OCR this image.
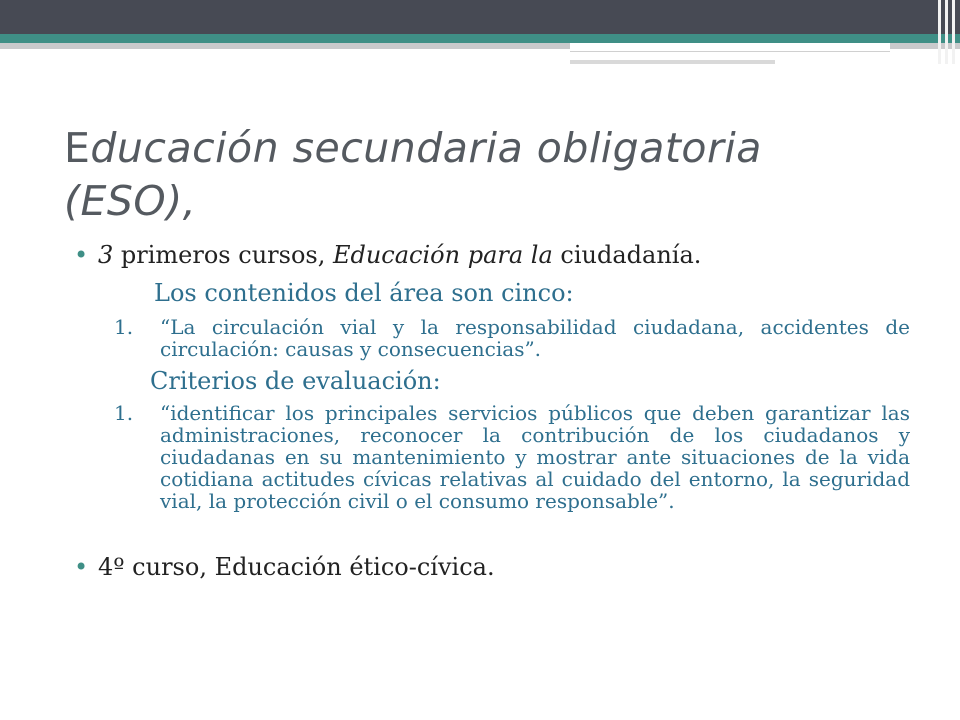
Educación secundaria obligatoria (ESO),
• 3 primeros cursos, Educación para la ciudadanía.
Los contenidos del área son cinco:
1. “La circulación vial y la responsabilidad ciudadana, accidentes de circulación: causas y consecuencias”.
Criterios de evaluación:
1. “identificar los principales servicios públicos que deben garantizar las administraciones, reconocer la contribución de los ciudadanos y ciudadanas en su mantenimiento y mostrar ante situaciones de la vida cotidiana actitudes cívicas relativas al cuidado del entorno, la seguridad vial, la protección civil o el consumo responsable”.
• 4º curso, Educación ético-cívica.
